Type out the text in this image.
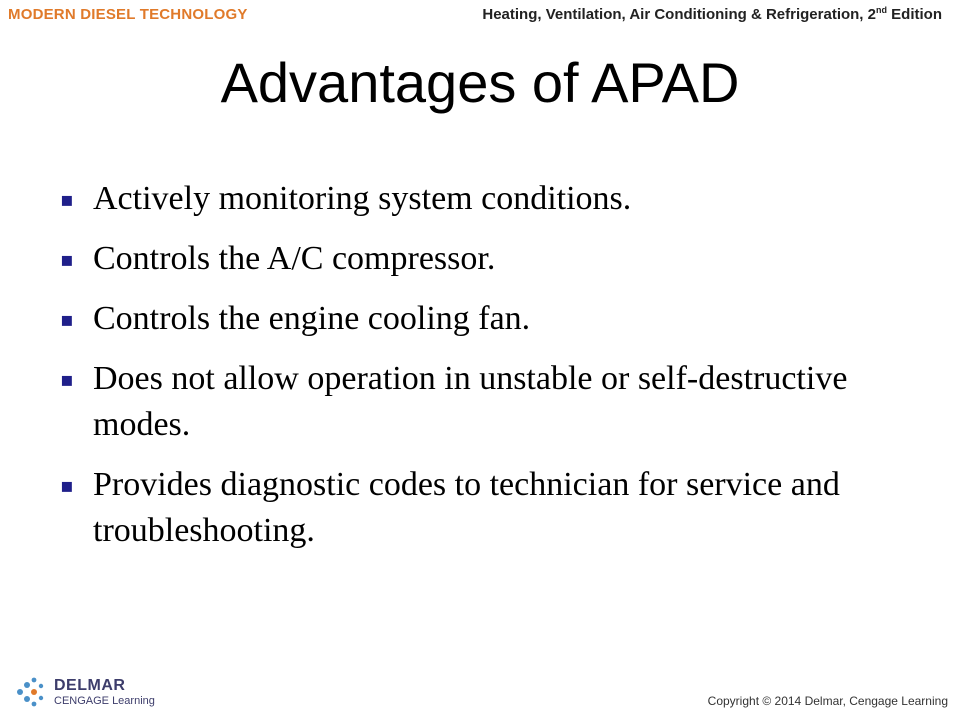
MODERN DIESEL TECHNOLOGY	Heating, Ventilation, Air Conditioning & Refrigeration, 2nd Edition
Advantages of APAD
▪ Actively monitoring system conditions.
▪ Controls the A/C compressor.
▪ Controls the engine cooling fan.
▪ Does not allow operation in unstable or self-destructive modes.
▪ Provides diagnostic codes to technician for service and troubleshooting.
DELMAR
CENGAGE Learning	Copyright © 2014 Delmar, Cengage Learning
